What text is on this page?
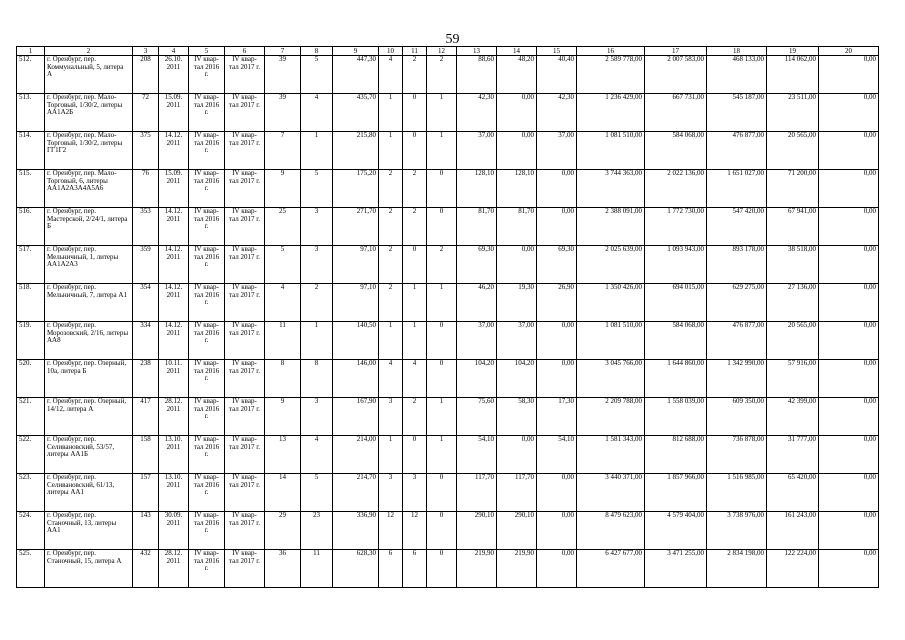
59
1	2	3	4	5	6	7	8	9	10	11	12	13	14	15	16	17	18	19	20
512.	г. Оренбург, пер. Коммунальный, 5, литера А	208	26.10. 2011	IV квар- тал 2016 г.	IV квар- тал 2017 г.	39	5	447,30	4	2	2	88,60	48,20	40,40	2 589 778,00	2 007 583,00	468 133,00	114 062,00	0,00
513.	г. Оренбург, пер. Мало-Торговый, 1/30/2, литеры АА1А2Б	72	15.09. 2011	IV квар- тал 2016 г.	IV квар- тал 2017 г.	39	4	435,70	1	0	1	42,30	0,00	42,30	1 236 429,00	667 731,00	545 187,00	23 511,00	0,00
514.	г. Оренбург, пер. Мало-Торговый, 1/30/2, литеры ГГ1Г2	375	14.12. 2011	IV квар- тал 2016 г.	IV квар- тал 2017 г.	7	1	215,80	1	0	1	37,00	0,00	37,00	1 081 510,00	584 068,00	476 877,00	20 565,00	0,00
515.	г. Оренбург, пер. Мало-Торговый, 6, литеры АА1А2А3А4А5А6	76	15.09. 2011	IV квар- тал 2016 г.	IV квар- тал 2017 г.	9	5	175,20	2	2	0	128,10	128,10	0,00	3 744 363,00	2 022 136,00	1 651 027,00	71 200,00	0,00
516.	г. Оренбург, пер. Мастерской, 2/24/1, литера Б	353	14.12. 2011	IV квар- тал 2016 г.	IV квар- тал 2017 г.	25	3	271,70	2	2	0	81,70	81,70	0,00	2 388 091,00	1 772 730,00	547 420,00	67 941,00	0,00
517.	г. Оренбург, пер. Мельничный, 1, литеры АА1А2А3	359	14.12. 2011	IV квар- тал 2016 г.	IV квар- тал 2017 г.	5	3	97,10	2	0	2	69,30	0,00	69,30	2 025 639,00	1 093 943,00	893 178,00	38 518,00	0,00
518.	г. Оренбург, пер. Мельничный, 7, литера А1	354	14.12. 2011	IV квар- тал 2016 г.	IV квар- тал 2017 г.	4	2	97,10	2	1	1	46,20	19,30	26,90	1 350 426,00	694 015,00	629 275,00	27 136,00	0,00
519.	г. Оренбург, пер. Морозовский, 2/16, литеры АА8	334	14.12. 2011	IV квар- тал 2016 г.	IV квар- тал 2017 г.	11	1	140,50	1	1	0	37,00	37,00	0,00	1 081 510,00	584 068,00	476 877,00	20 565,00	0,00
520.	г. Оренбург, пер. Озерный, 10а, литера Б	238	10.11. 2011	IV квар- тал 2016 г.	IV квар- тал 2017 г.	8	8	146,00	4	4	0	104,20	104,20	0,00	3 045 766,00	1 644 860,00	1 342 990,00	57 916,00	0,00
521.	г. Оренбург, пер. Озерный, 14/12, литера А	417	28.12. 2011	IV квар- тал 2016 г.	IV квар- тал 2017 г.	9	3	167,90	3	2	1	75,60	58,30	17,30	2 209 788,00	1 558 039,00	609 350,00	42 399,00	0,00
522.	г. Оренбург, пер. Селивановский, 53/57, литеры АА1Б	158	13.10. 2011	IV квар- тал 2016 г.	IV квар- тал 2017 г.	13	4	214,00	1	0	1	54,10	0,00	54,10	1 581 343,00	812 688,00	736 878,00	31 777,00	0,00
523.	г. Оренбург, пер. Селивановский, 61/13, литеры АА1	157	13.10. 2011	IV квар- тал 2016 г.	IV квар- тал 2017 г.	14	5	214,70	3	3	0	117,70	117,70	0,00	3 440 371,00	1 857 966,00	1 516 985,00	65 420,00	0,00
524.	г. Оренбург, пер. Станочный, 13, литеры АА1	143	30.09. 2011	IV квар- тал 2016 г.	IV квар- тал 2017 г.	29	23	336,90	12	12	0	290,10	290,10	0,00	8 479 623,00	4 579 404,00	3 738 976,00	161 243,00	0,00
525.	г. Оренбург, пер. Станочный, 15, литера А	432	28.12. 2011	IV квар- тал 2016 г.	IV квар- тал 2017 г.	36	11	628,30	6	6	0	219,90	219,90	0,00	6 427 677,00	3 471 255,00	2 834 198,00	122 224,00	0,00
